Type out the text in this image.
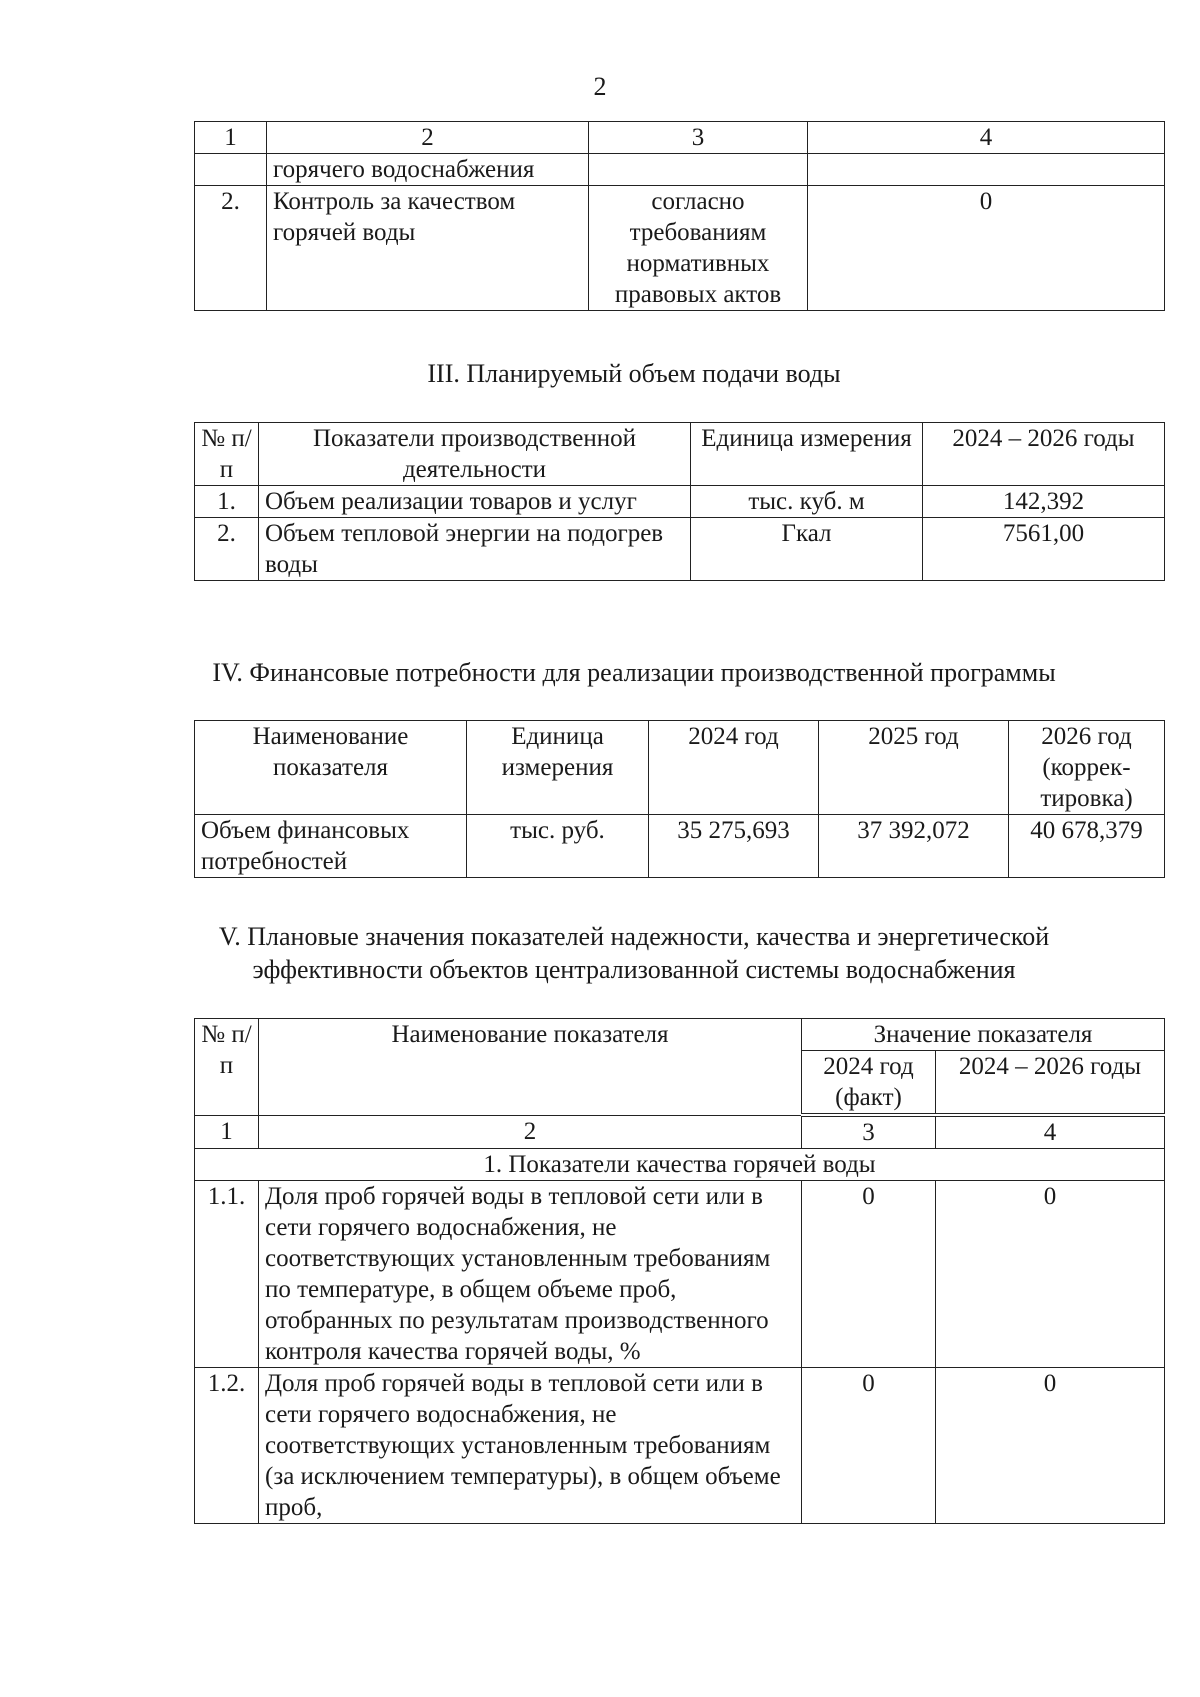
2
1	2	3	4
	горячего водоснабжения		
2.	Контроль за качеством горячей воды	согласно требованиям нормативных правовых актов	0
III. Планируемый объем подачи воды
№ п/п	Показатели производственной деятельности	Единица измерения	2024 – 2026 годы
1.	Объем реализации товаров и услуг	тыс. куб. м	142,392
2.	Объем тепловой энергии на подогрев воды	Гкал	7561,00
IV. Финансовые потребности для реализации производственной программы
Наименование показателя	Единица измерения	2024 год	2025 год	2026 год (коррек-тировка)
Объем финансовых потребностей	тыс. руб.	35 275,693	37 392,072	40 678,379
V. Плановые значения показателей надежности, качества и энергетической
эффективности объектов централизованной системы водоснабжения
№ п/п	Наименование показателя	Значение показателя	
		2024 год (факт)	2024 – 2026 годы
1	2	3	4
1. Показатели качества горячей воды			
1.1.	Доля проб горячей воды в тепловой сети или в сети горячего водоснабжения, не соответствующих установленным требованиям по температуре, в общем объеме проб, отобранных по результатам производственного контроля качества горячей воды, %	0	0
1.2.	Доля проб горячей воды в тепловой сети или в сети горячего водоснабжения, не соответствующих установленным требованиям (за исключением температуры), в общем объеме проб,	0	0
